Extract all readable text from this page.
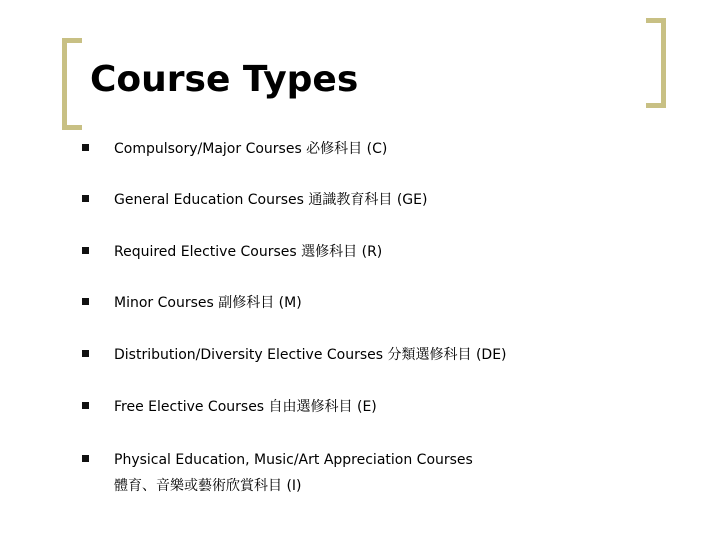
Course Types
Compulsory/Major Courses 必修科目 (C)
General Education Courses 通識教育科目 (GE)
Required Elective Courses 選修科目 (R)
Minor Courses 副修科目 (M)
Distribution/Diversity Elective Courses 分類選修科目 (DE)
Free Elective Courses 自由選修科目 (E)
Physical Education, Music/Art Appreciation Courses
體育、音樂或藝術欣賞科目 (I)
